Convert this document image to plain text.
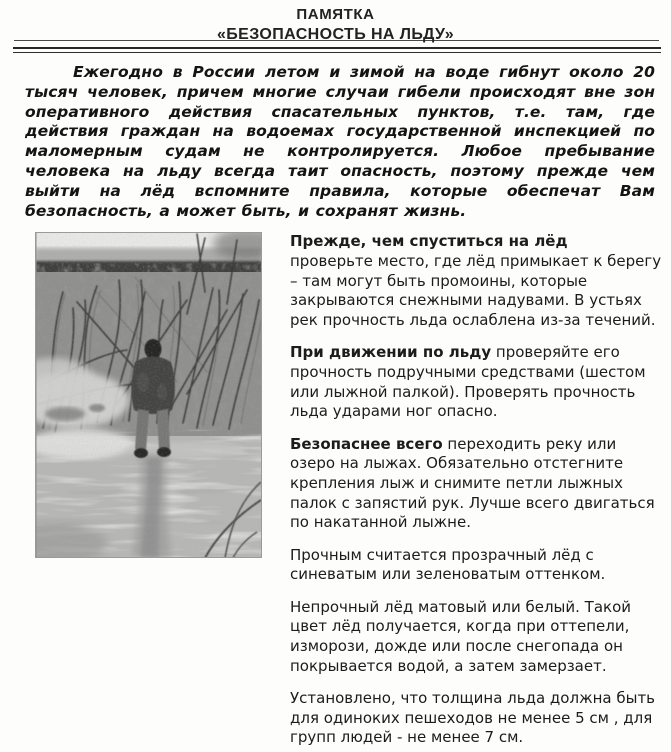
ПАМЯТКА
«БЕЗОПАСНОСТЬ НА ЛЬДУ»

Ежегодно в России летом и зимой на воде гибнут около 20 тысяч человек, причем многие случаи гибели происходят вне зон оперативного действия спасательных пунктов, т.е. там, где действия граждан на водоемах государственной инспекцией по маломерным судам не контролируется. Любое пребывание человека на льду всегда таит опасность, поэтому прежде чем выйти на лёд вспомните правила, которые обеспечат Вам безопасность, а может быть, и сохранят жизнь.

Прежде, чем спуститься на лёд
проверьте место, где лёд примыкает к берегу – там могут быть промоины, которые закрываются снежными надувами. В устьях рек прочность льда ослаблена из-за течений.

При движении по льду проверяйте его прочность подручными средствами (шестом или лыжной палкой). Проверять прочность льда ударами ног опасно.

Безопаснее всего переходить реку или озеро на лыжах. Обязательно отстегните крепления лыж и снимите петли лыжных палок с запястий рук. Лучше всего двигаться по накатанной лыжне.

Прочным считается прозрачный лёд с синеватым или зеленоватым оттенком.

Непрочный лёд матовый или белый. Такой цвет лёд получается, когда при оттепели, изморози, дожде или после снегопада он покрывается водой, а затем замерзает.

Установлено, что толщина льда должна быть для одиноких пешеходов не менее 5 см , для групп людей - не менее 7 см.
